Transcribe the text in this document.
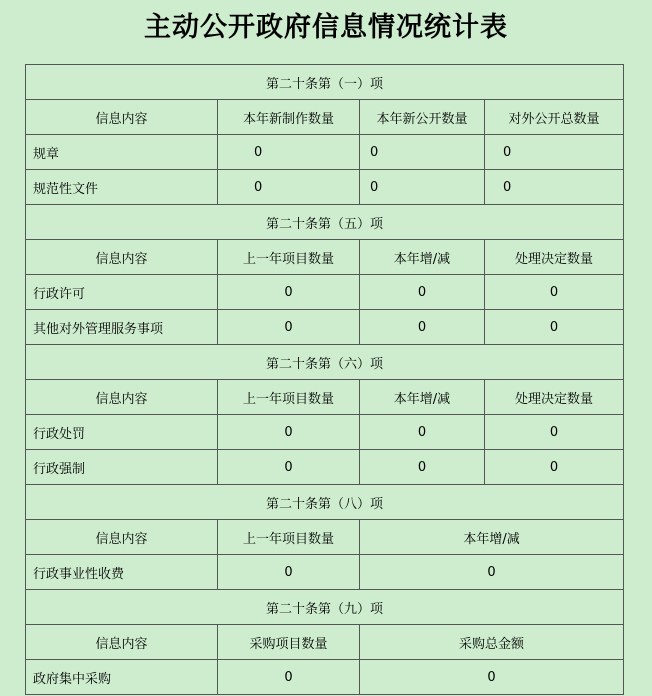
主动公开政府信息情况统计表
第二十条第（一）项			
信息内容	本年新制作数量	本年新公开数量	对外公开总数量
规章	0	0	0
规范性文件	0	0	0
第二十条第（五）项			
信息内容	上一年项目数量	本年增/减	处理决定数量
行政许可	0	0	0
其他对外管理服务事项	0	0	0
第二十条第（六）项			
信息内容	上一年项目数量	本年增/减	处理决定数量
行政处罚	0	0	0
行政强制	0	0	0
第二十条第（八）项			
信息内容	上一年项目数量	本年增/减	
行政事业性收费	0	0	
第二十条第（九）项			
信息内容	采购项目数量	采购总金额	
政府集中采购	0	0	
